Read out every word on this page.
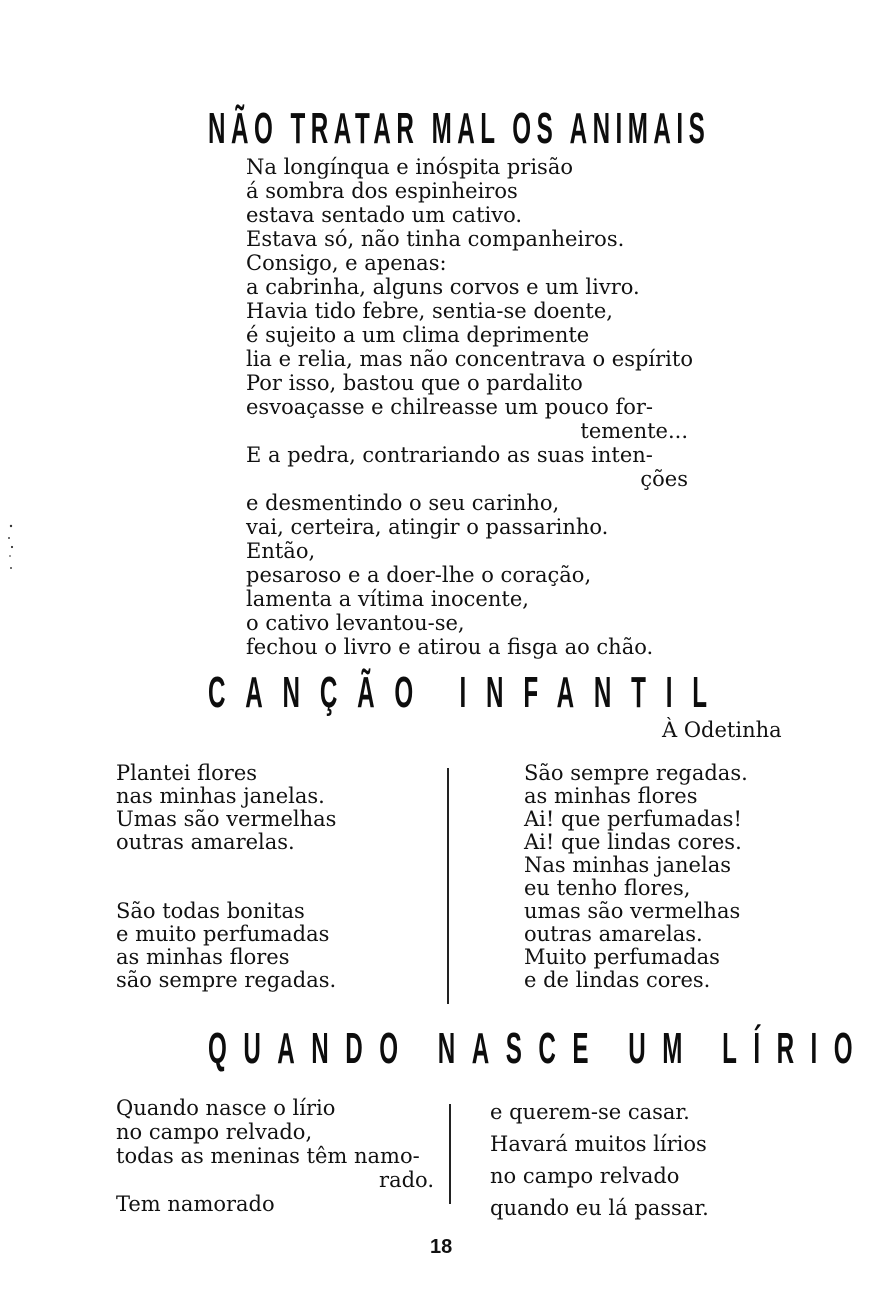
NÃO TRATAR MAL OS ANIMAIS
Na longínqua e inóspita prisão
á sombra dos espinheiros
estava sentado um cativo.
Estava só, não tinha companheiros.
Consigo, e apenas:
a cabrinha, alguns corvos e um livro.
Havia tido febre, sentia-se doente,
é sujeito a um clima deprimente
lia e relia, mas não concentrava o espírito
Por isso, bastou que o pardalito
esvoaçasse e chilreasse um pouco for-
temente...
E a pedra, contrariando as suas inten-
ções
e desmentindo o seu carinho,
vai, certeira, atingir o passarinho.
Então,
pesaroso e a doer-lhe o coração,
lamenta a vítima inocente,
o cativo levantou-se,
fechou o livro e atirou a fisga ao chão.
CANÇÃO INFANTIL
À Odetinha
Plantei flores
nas minhas janelas.
Umas são vermelhas
outras amarelas.
São todas bonitas
e muito perfumadas
as minhas flores
são sempre regadas.
São sempre regadas.
as minhas flores
Ai! que perfumadas!
Ai! que lindas cores.
Nas minhas janelas
eu tenho flores,
umas são vermelhas
outras amarelas.
Muito perfumadas
e de lindas cores.
QUANDO NASCE UM LÍRIO
Quando nasce o lírio
no campo relvado,
todas as meninas têm namo-
rado.
Tem namorado
e querem-se casar.
Havará muitos lírios
no campo relvado
quando eu lá passar.
18
